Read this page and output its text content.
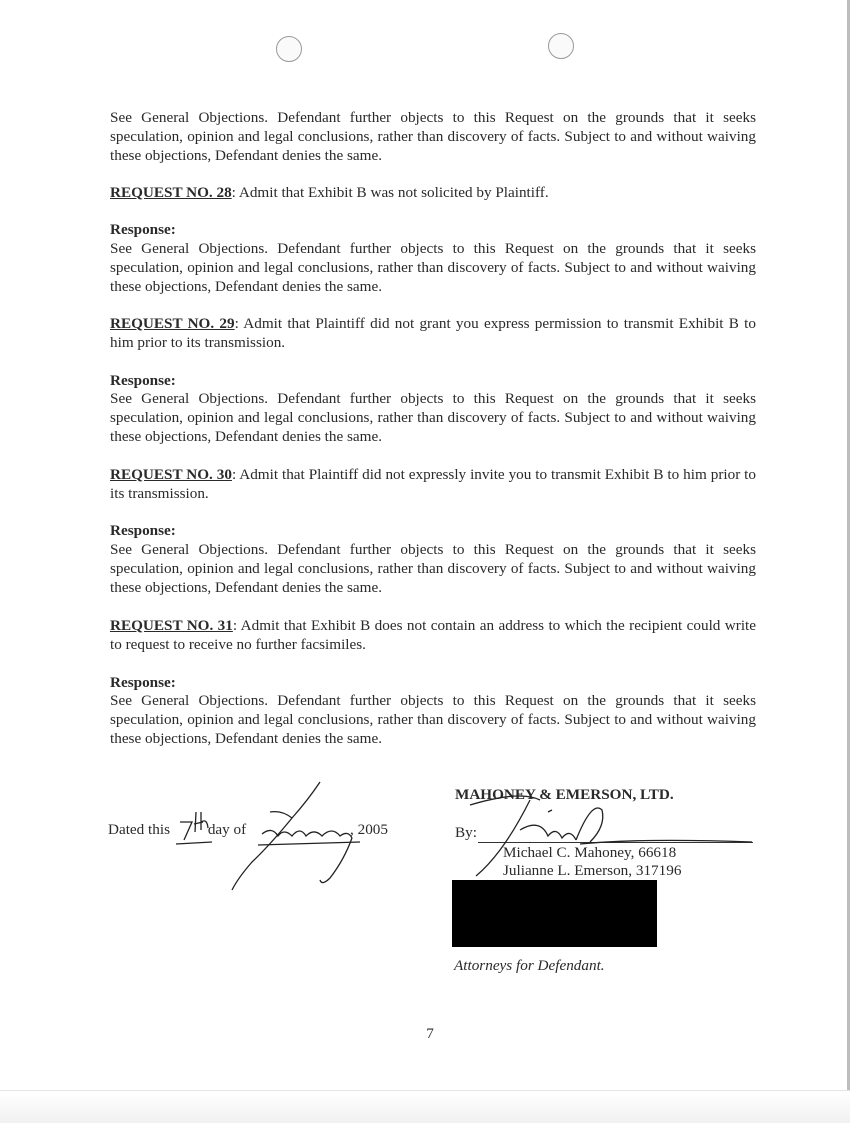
See General Objections. Defendant further objects to this Request on the grounds that it seeks speculation, opinion and legal conclusions, rather than discovery of facts. Subject to and without waiving these objections, Defendant denies the same.

REQUEST NO. 28: Admit that Exhibit B was not solicited by Plaintiff.

Response:

See General Objections. Defendant further objects to this Request on the grounds that it seeks speculation, opinion and legal conclusions, rather than discovery of facts. Subject to and without waiving these objections, Defendant denies the same.

REQUEST NO. 29: Admit that Plaintiff did not grant you express permission to transmit Exhibit B to him prior to its transmission.

Response:

See General Objections. Defendant further objects to this Request on the grounds that it seeks speculation, opinion and legal conclusions, rather than discovery of facts. Subject to and without waiving these objections, Defendant denies the same.

REQUEST NO. 30: Admit that Plaintiff did not expressly invite you to transmit Exhibit B to him prior to its transmission.

Response:

See General Objections. Defendant further objects to this Request on the grounds that it seeks speculation, opinion and legal conclusions, rather than discovery of facts. Subject to and without waiving these objections, Defendant denies the same.

REQUEST NO. 31: Admit that Exhibit B does not contain an address to which the recipient could write to request to receive no further facsimiles.

Response:

See General Objections. Defendant further objects to this Request on the grounds that it seeks speculation, opinion and legal conclusions, rather than discovery of facts. Subject to and without waiving these objections, Defendant denies the same.

Dated this day of	, 2005
MAHONEY & EMERSON, LTD.
By:
Michael C. Mahoney, 66618
Julianne L. Emerson, 317196
Attorneys for Defendant.
7
